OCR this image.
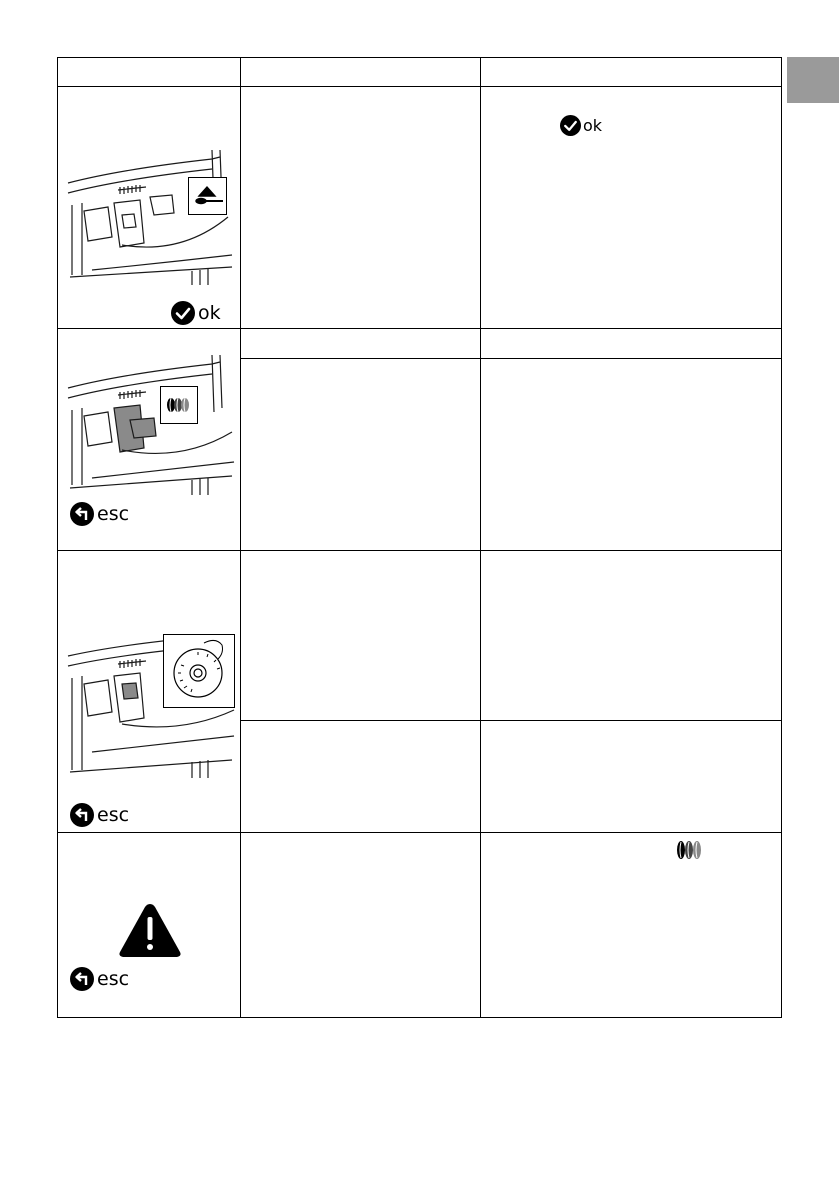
ok
ok
esc
esc
esc
